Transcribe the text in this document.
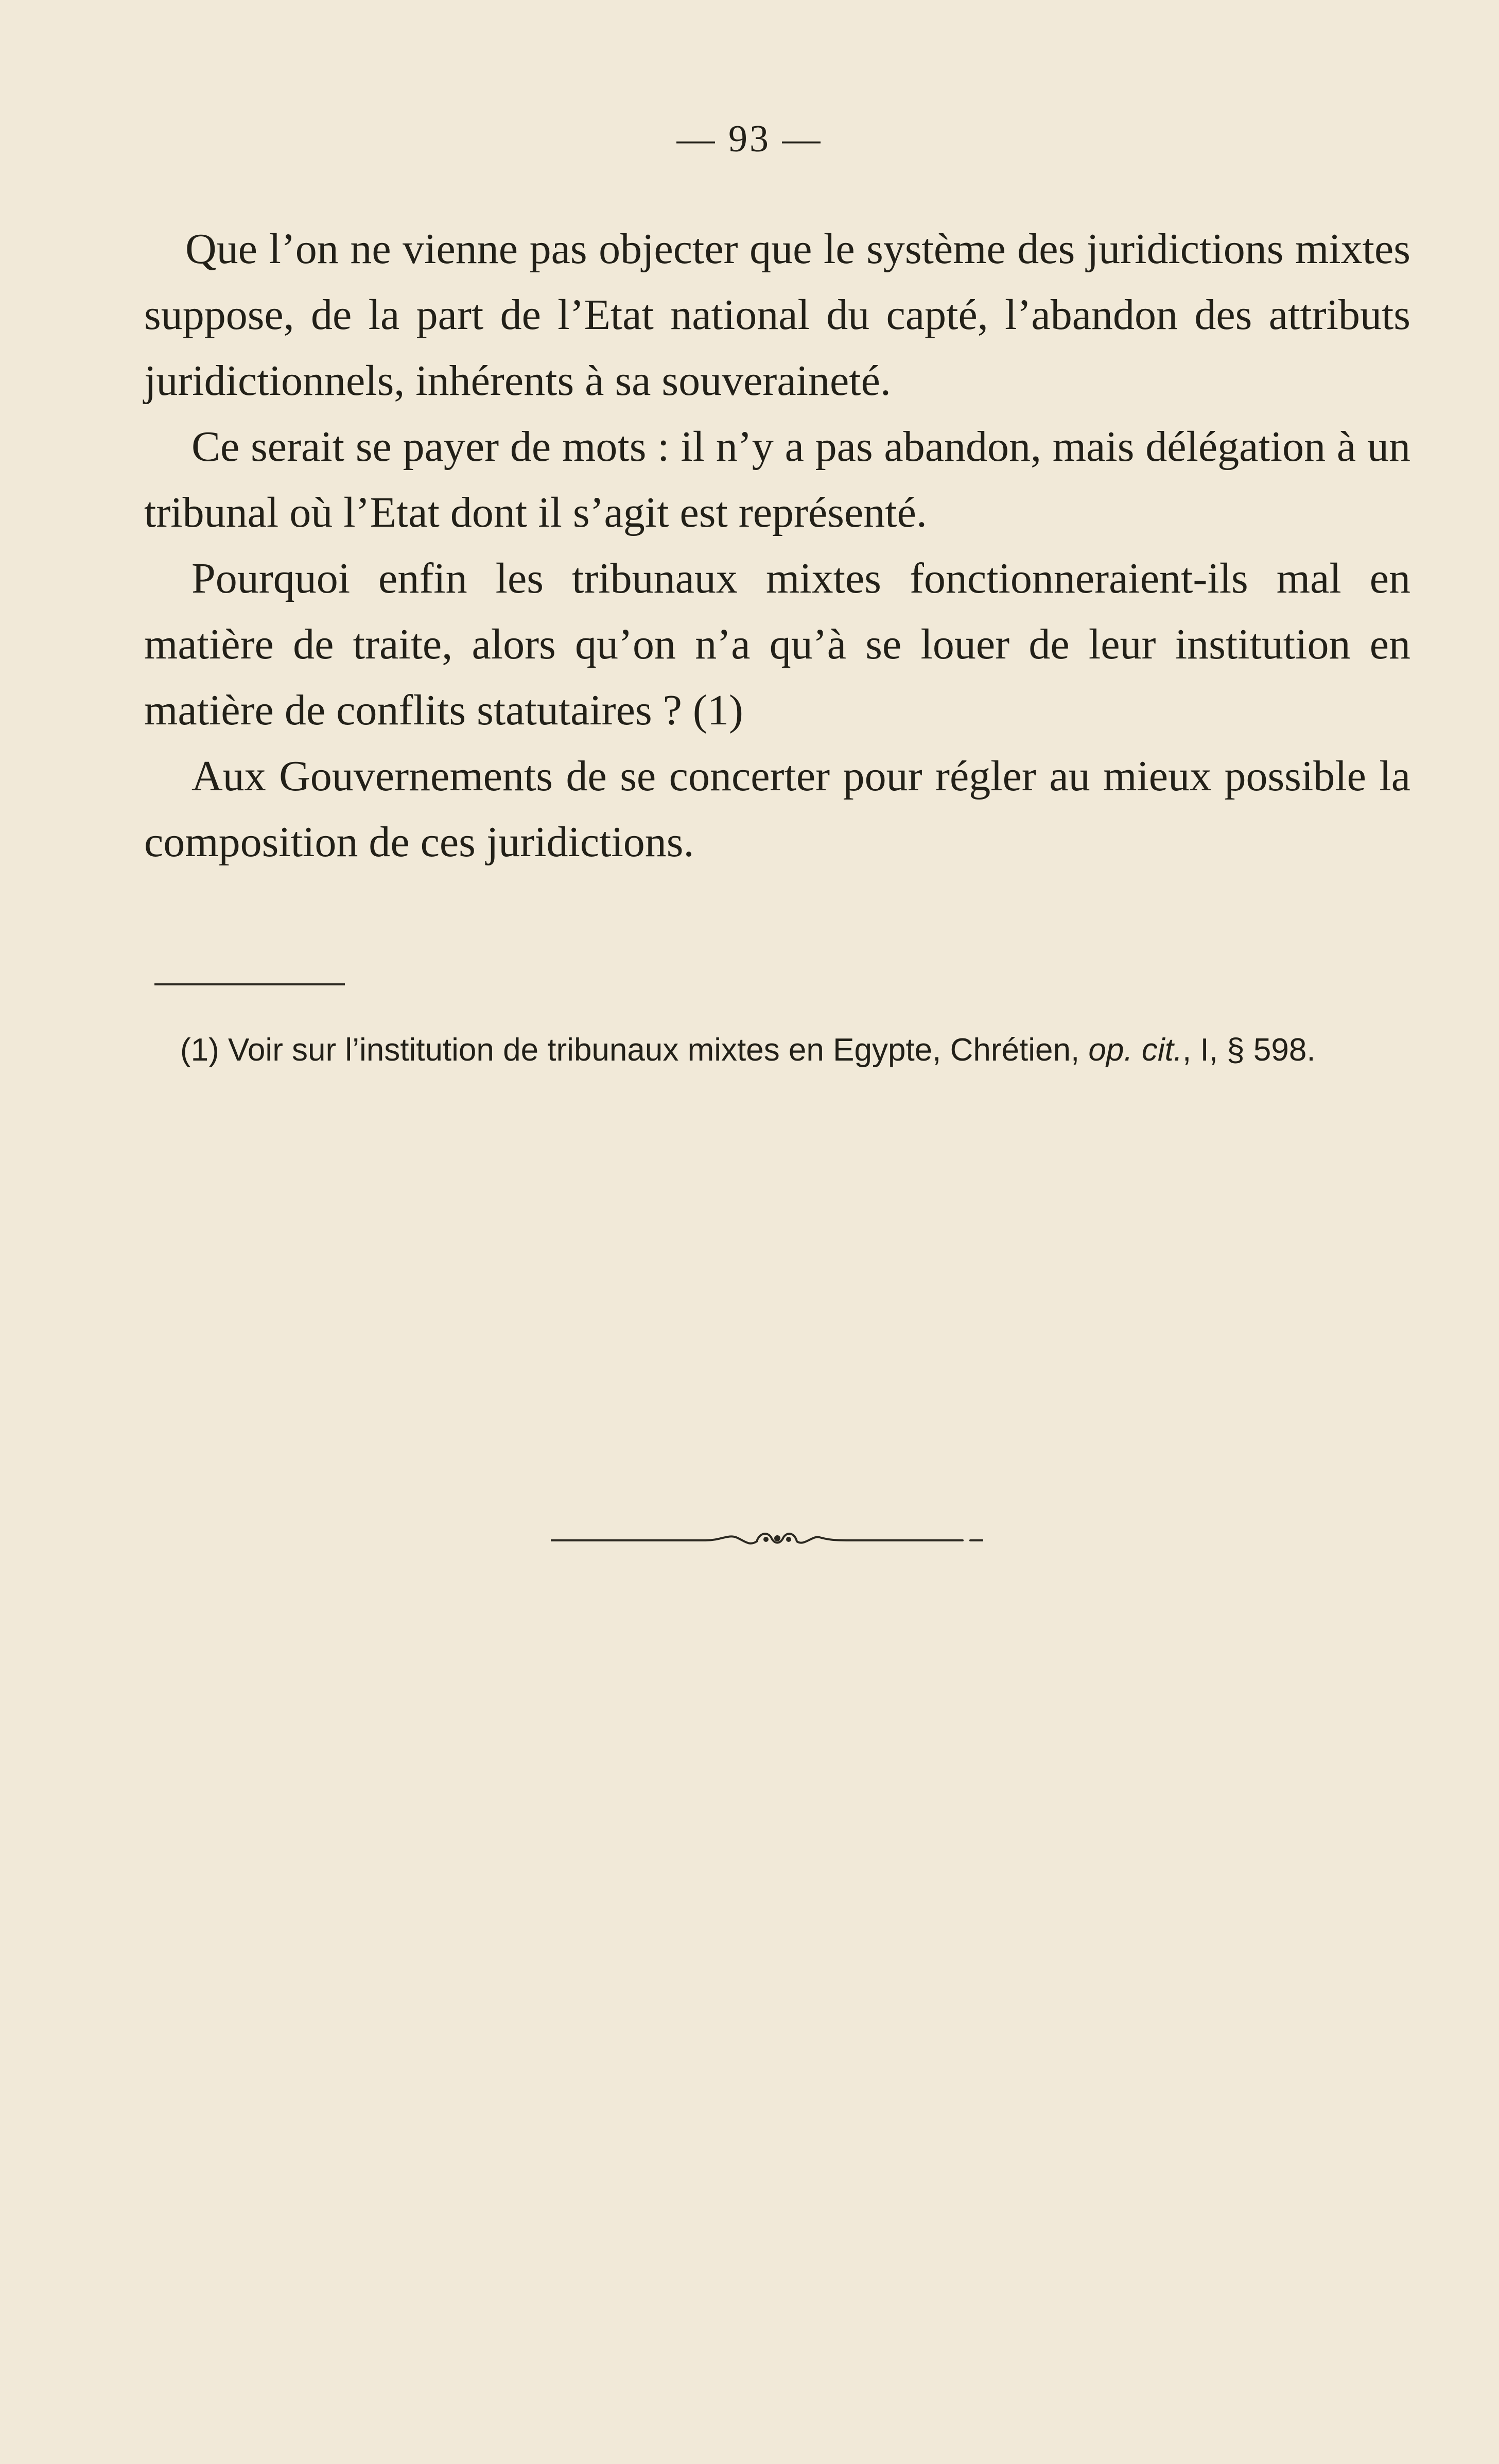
— 93 —

Que l’on ne vienne pas objecter que le système des juridictions mixtes suppose, de la part de l’Etat national du capté, l’abandon des attributs juridictionnels, inhérents à sa souveraineté.

Ce serait se payer de mots : il n’y a pas abandon, mais délégation à un tribunal où l’Etat dont il s’agit est représenté.

Pourquoi enfin les tribunaux mixtes fonctionneraient-ils mal en matière de traite, alors qu’on n’a qu’à se louer de leur institution en matière de conflits statutaires ? (1)

Aux Gouvernements de se concerter pour régler au mieux possible la composition de ces juridictions.

(1) Voir sur l’institution de tribunaux mixtes en Egypte, Chrétien, op. cit., I, § 598.
